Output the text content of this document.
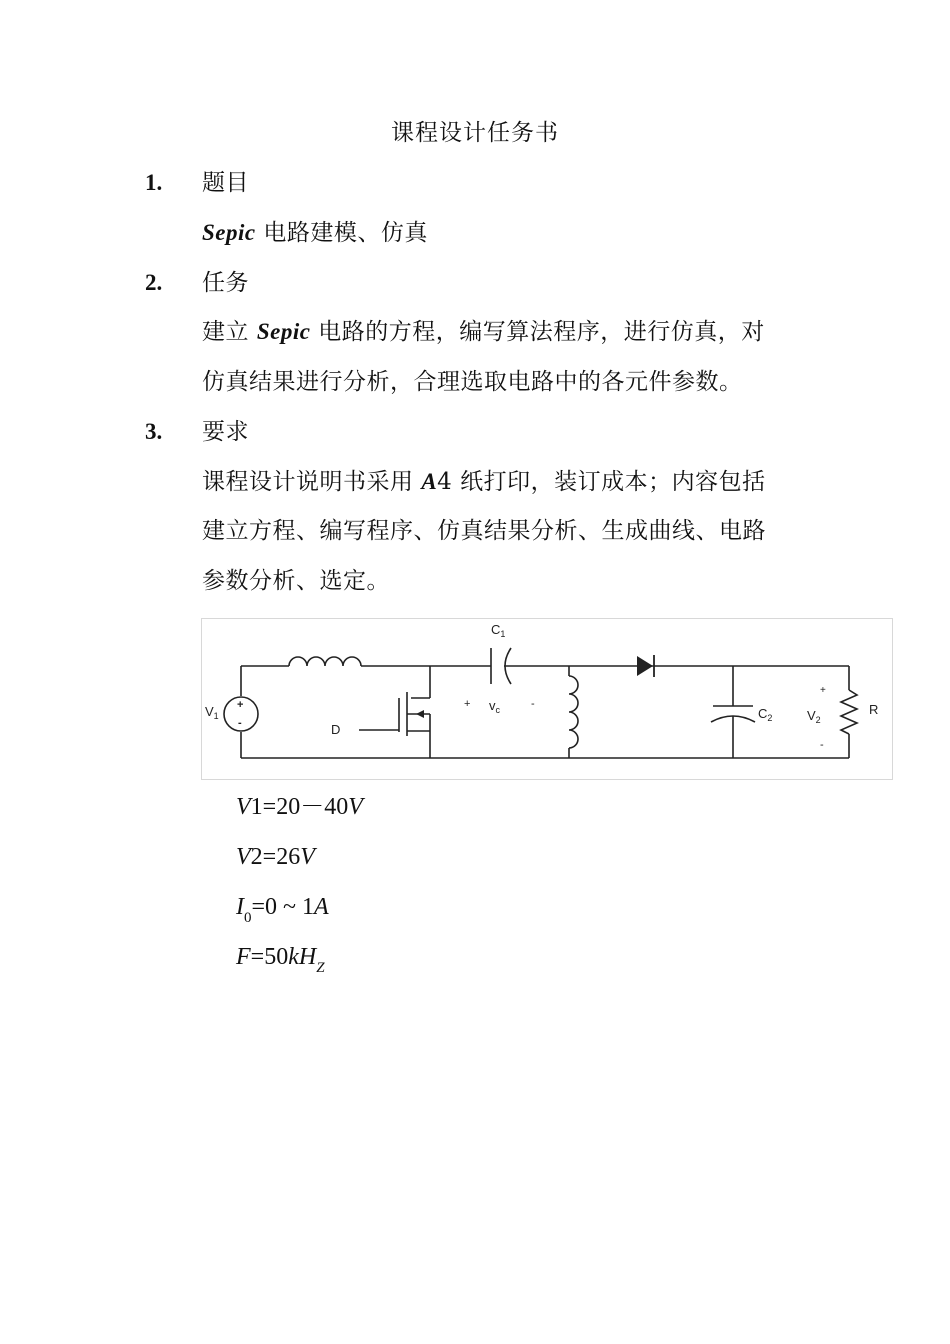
课程设计任务书
1. 题目
Sepic 电路建模、仿真
2. 任务
建立 Sepic 电路的方程，编写算法程序，进行仿真，对
仿真结果进行分析，合理选取电路中的各元件参数。
3. 要求
课程设计说明书采用 A4 纸打印，装订成本；内容包括
建立方程、编写程序、仿真结果分析、生成曲线、电路
参数分析、选定。
$C_1$
$V_1$
+
-	D
+ $v_c$	-
$C_2$
+
$V_2$
-
R
V1=20－40V
V2=26V
$I_0=0$ ~ 1A
$F=50kH_Z$
